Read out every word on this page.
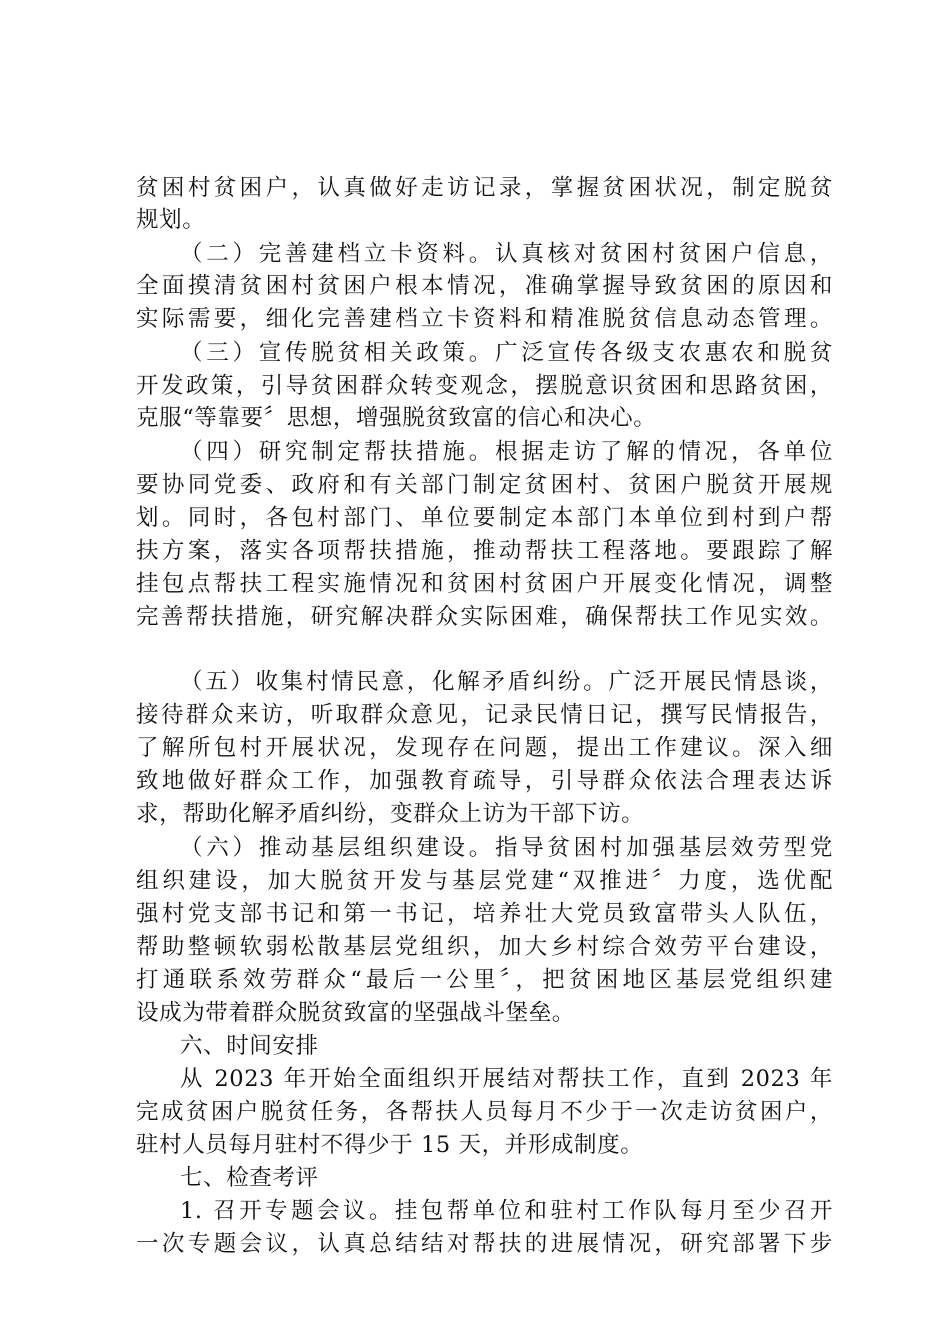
贫困村贫困户，认真做好走访记录，掌握贫困状况，制定脱贫
规划。
（二）完善建档立卡资料。认真核对贫困村贫困户信息，
全面摸清贫困村贫困户根本情况，准确掌握导致贫困的原因和
实际需要，细化完善建档立卡资料和精准脱贫信息动态管理。
（三）宣传脱贫相关政策。广泛宣传各级支农惠农和脱贫
开发政策，引导贫困群众转变观念，摆脱意识贫困和思路贫困，
克服“等靠要〞思想，增强脱贫致富的信心和决心。
（四）研究制定帮扶措施。根据走访了解的情况，各单位
要协同党委、政府和有关部门制定贫困村、贫困户脱贫开展规
划。同时，各包村部门、单位要制定本部门本单位到村到户帮
扶方案，落实各项帮扶措施，推动帮扶工程落地。要跟踪了解
挂包点帮扶工程实施情况和贫困村贫困户开展变化情况，调整
完善帮扶措施，研究解决群众实际困难，确保帮扶工作见实效。
（五）收集村情民意，化解矛盾纠纷。广泛开展民情恳谈，
接待群众来访，听取群众意见，记录民情日记，撰写民情报告，
了解所包村开展状况，发现存在问题，提出工作建议。深入细
致地做好群众工作，加强教育疏导，引导群众依法合理表达诉
求，帮助化解矛盾纠纷，变群众上访为干部下访。
（六）推动基层组织建设。指导贫困村加强基层效劳型党
组织建设，加大脱贫开发与基层党建“双推进〞力度，选优配
强村党支部书记和第一书记，培养壮大党员致富带头人队伍，
帮助整顿软弱松散基层党组织，加大乡村综合效劳平台建设，
打通联系效劳群众“最后一公里〞，把贫困地区基层党组织建
设成为带着群众脱贫致富的坚强战斗堡垒。
六、时间安排
从 2023 年开始全面组织开展结对帮扶工作，直到 2023 年
完成贫困户脱贫任务，各帮扶人员每月不少于一次走访贫困户，
驻村人员每月驻村不得少于 15 天，并形成制度。
七、检查考评
1. 召开专题会议。挂包帮单位和驻村工作队每月至少召开
一次专题会议，认真总结结对帮扶的进展情况，研究部署下步
